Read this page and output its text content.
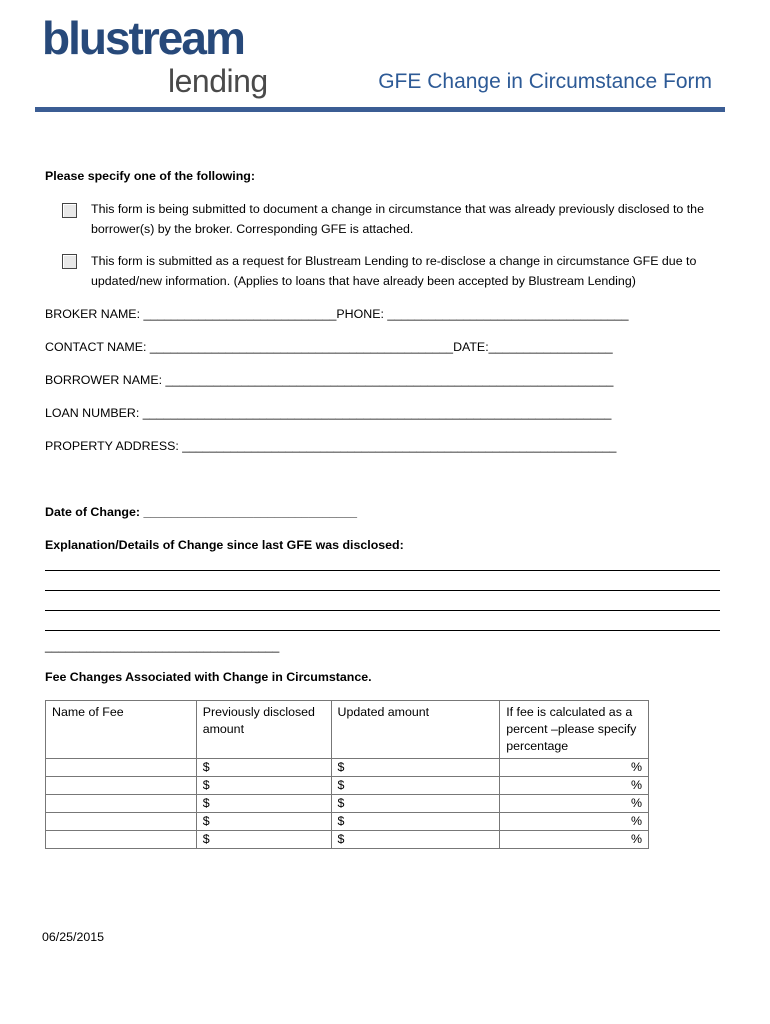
blustream
lending	GFE Change in Circumstance Form
Please specify one of the following:
This form is being submitted to document a change in circumstance that was already previously disclosed to the
borrower(s) by the broker. Corresponding GFE is attached.
This form is submitted as a request for Blustream Lending to re-disclose a change in circumstance GFE due to
updated/new information. (Applies to loans that have already been accepted by Blustream Lending)
BROKER NAME: ____________________________PHONE: ___________________________________
CONTACT NAME: ____________________________________________DATE:__________________
BORROWER NAME: _________________________________________________________________
LOAN NUMBER: ____________________________________________________________________
PROPERTY ADDRESS: _______________________________________________________________
Date of Change: _______________________________
Explanation/Details of Change since last GFE was disclosed:
__________________________________
Fee Changes Associated with Change in Circumstance.
Name of Fee	Previously disclosed amount	Updated amount	If fee is calculated as a percent –please specify percentage

	$	$	%
	$	$	%
	$	$	%
	$	$	%
	$	$	%
06/25/2015
